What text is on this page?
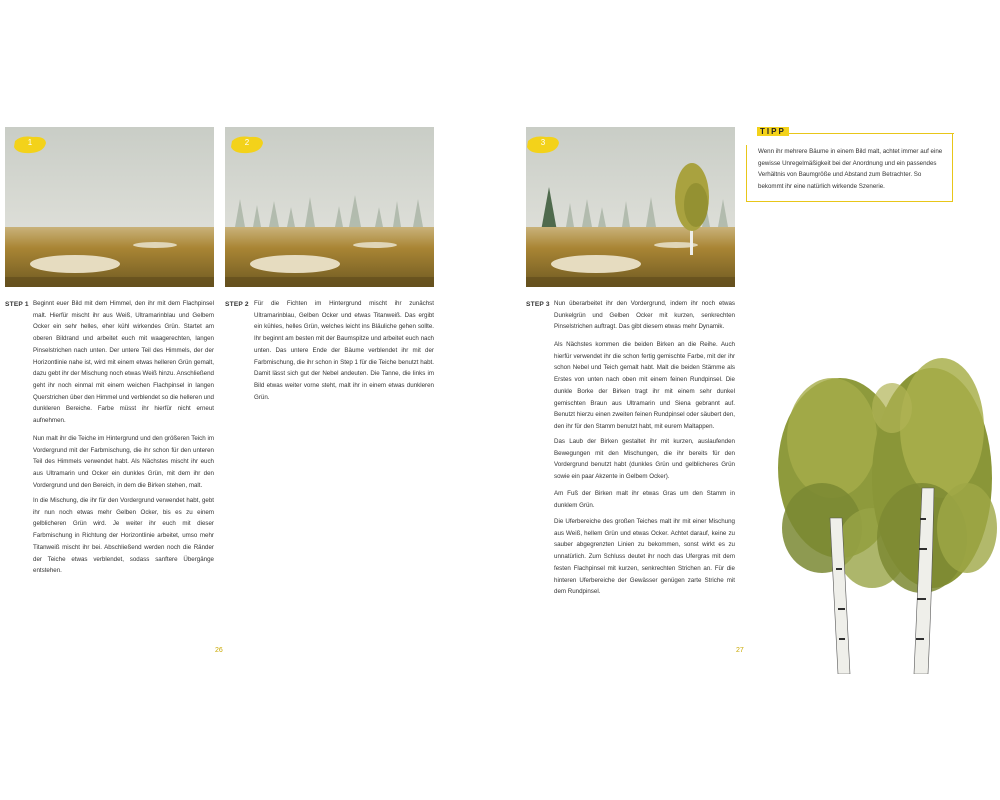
1	2
STEP 1 Beginnt euer Bild mit dem Himmel, den ihr mit dem Flachpinsel malt. Hierfür mischt ihr aus Weiß, Ultramarinblau und Gelbem Ocker ein sehr helles, eher kühl wirkendes Grün. Startet am oberen Bildrand und arbeitet euch mit waagerechten, langen Pinselstrichen nach unten. Der untere Teil des Himmels, der der Horizontlinie nahe ist, wird mit einem etwas helleren Grün gemalt, dazu gebt ihr der Mischung noch etwas Weiß hinzu. Anschließend geht ihr noch einmal mit einem weichen Flachpinsel in langen Querstrichen über den Himmel und verblendet so die helleren und dunkleren Bereiche. Farbe müsst ihr hierfür nicht erneut aufnehmen.

Nun malt ihr die Teiche im Hintergrund und den größeren Teich im Vordergrund mit der Farbmischung, die ihr schon für den unteren Teil des Himmels verwendet habt. Als Nächstes mischt ihr euch aus Ultramarin und Ocker ein dunkles Grün, mit dem ihr den Vordergrund und den Bereich, in dem die Birken stehen, malt.

In die Mischung, die ihr für den Vordergrund verwendet habt, gebt ihr nun noch etwas mehr Gelben Ocker, bis es zu einem gelblicheren Grün wird. Je weiter ihr euch mit dieser Farbmischung in Richtung der Horizontlinie arbeitet, umso mehr Titanweiß mischt ihr bei. Abschließend werden noch die Ränder der Teiche etwas verblendet, sodass sanftere Übergänge entstehen.

STEP 2 Für die Fichten im Hintergrund mischt ihr zunächst Ultramarinblau, Gelben Ocker und etwas Titanweiß. Das ergibt ein kühles, helles Grün, welches leicht ins Bläuliche gehen sollte. Ihr beginnt am besten mit der Baumspitze und arbeitet euch nach unten. Das untere Ende der Bäume verblendet ihr mit der Farbmischung, die ihr schon in Step 1 für die Teiche benutzt habt. Damit lässt sich gut der Nebel andeuten. Die Tanne, die links im Bild etwas weiter vorne steht, malt ihr in einem etwas dunkleren Grün.

26
3
TIPP

Wenn ihr mehrere Bäume in einem Bild malt, achtet immer auf eine gewisse Unregelmäßigkeit bei der Anordnung und ein passendes Verhältnis von Baumgröße und Abstand zum Betrachter. So bekommt ihr eine natürlich wirkende Szenerie.

STEP 3 Nun überarbeitet ihr den Vordergrund, indem ihr noch etwas Dunkelgrün und Gelben Ocker mit kurzen, senkrechten Pinselstrichen auftragt. Das gibt diesem etwas mehr Dynamik.

Als Nächstes kommen die beiden Birken an die Reihe. Auch hierfür verwendet ihr die schon fertig gemischte Farbe, mit der ihr schon Nebel und Teich gemalt habt. Malt die beiden Stämme als Erstes von unten nach oben mit einem feinen Rundpinsel. Die dunkle Borke der Birken tragt ihr mit einem sehr dunkel gemischten Braun aus Ultramarin und Siena gebrannt auf. Benutzt hierzu einen zweiten feinen Rundpinsel oder säubert den, den ihr für den Stamm benutzt habt, mit eurem Maltappen.

Das Laub der Birken gestaltet ihr mit kurzen, auslaufenden Bewegungen mit den Mischungen, die ihr bereits für den Vordergrund benutzt habt (dunkles Grün und gelblicheres Grün sowie ein paar Akzente in Gelbem Ocker).

Am Fuß der Birken malt ihr etwas Gras um den Stamm in dunklem Grün.

Die Uferbereiche des großen Teiches malt ihr mit einer Mischung aus Weiß, hellem Grün und etwas Ocker. Achtet darauf, keine zu sauber abgegrenzten Linien zu bekommen, sonst wirkt es zu unnatürlich. Zum Schluss deutet ihr noch das Ufergras mit dem festen Flachpinsel mit kurzen, senkrechten Strichen an. Für die hinteren Uferbereiche der Gewässer genügen zarte Striche mit dem Rundpinsel.

27
